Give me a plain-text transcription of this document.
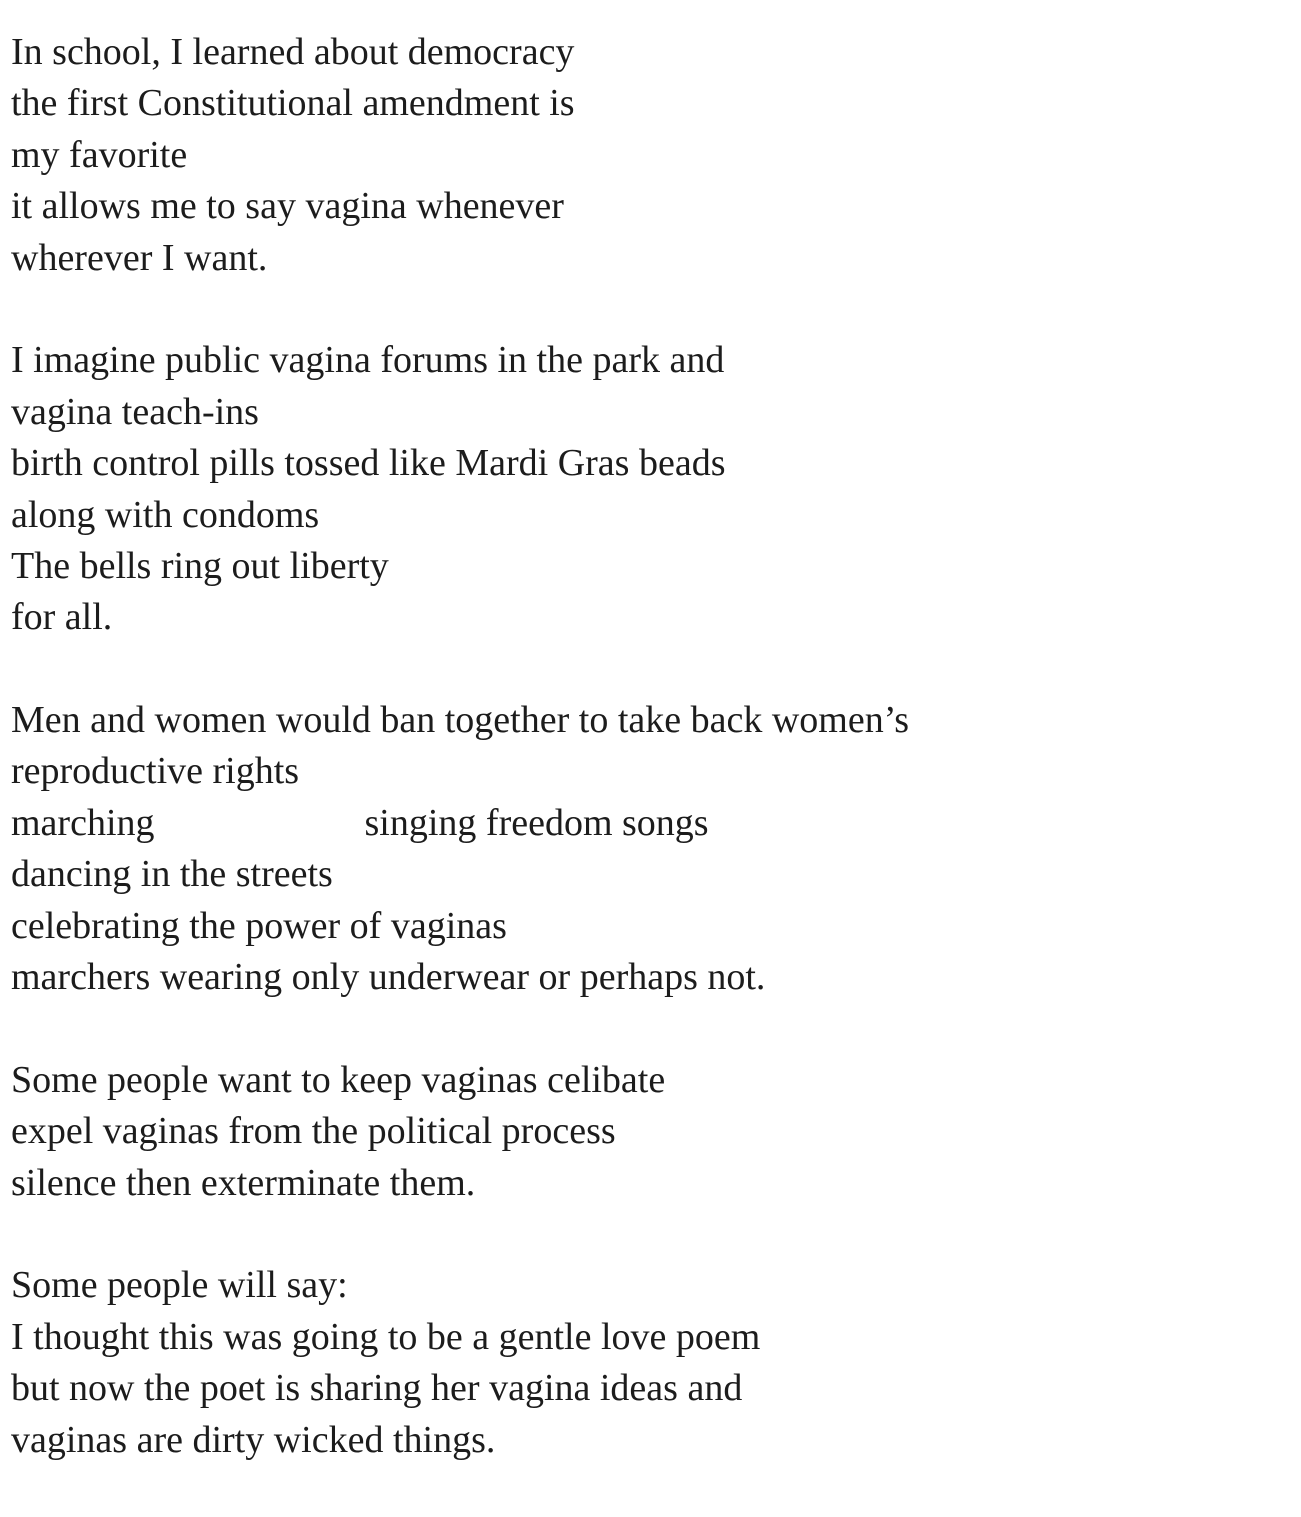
In school, I learned about democracy
the first Constitutional amendment is
my favorite
it allows me to say vagina whenever
wherever I want.
I imagine public vagina forums in the park and
vagina teach-ins
birth control pills tossed like Mardi Gras beads
along with condoms
The bells ring out liberty
for all.
Men and women would ban together to take back women’s
reproductive rights
marching	singing freedom songs
dancing in the streets
celebrating the power of vaginas
marchers wearing only underwear or perhaps not.
Some people want to keep vaginas celibate
expel vaginas from the political process
silence then exterminate them.
Some people will say:
I thought this was going to be a gentle love poem
but now the poet is sharing her vagina ideas and
vaginas are dirty wicked things.
